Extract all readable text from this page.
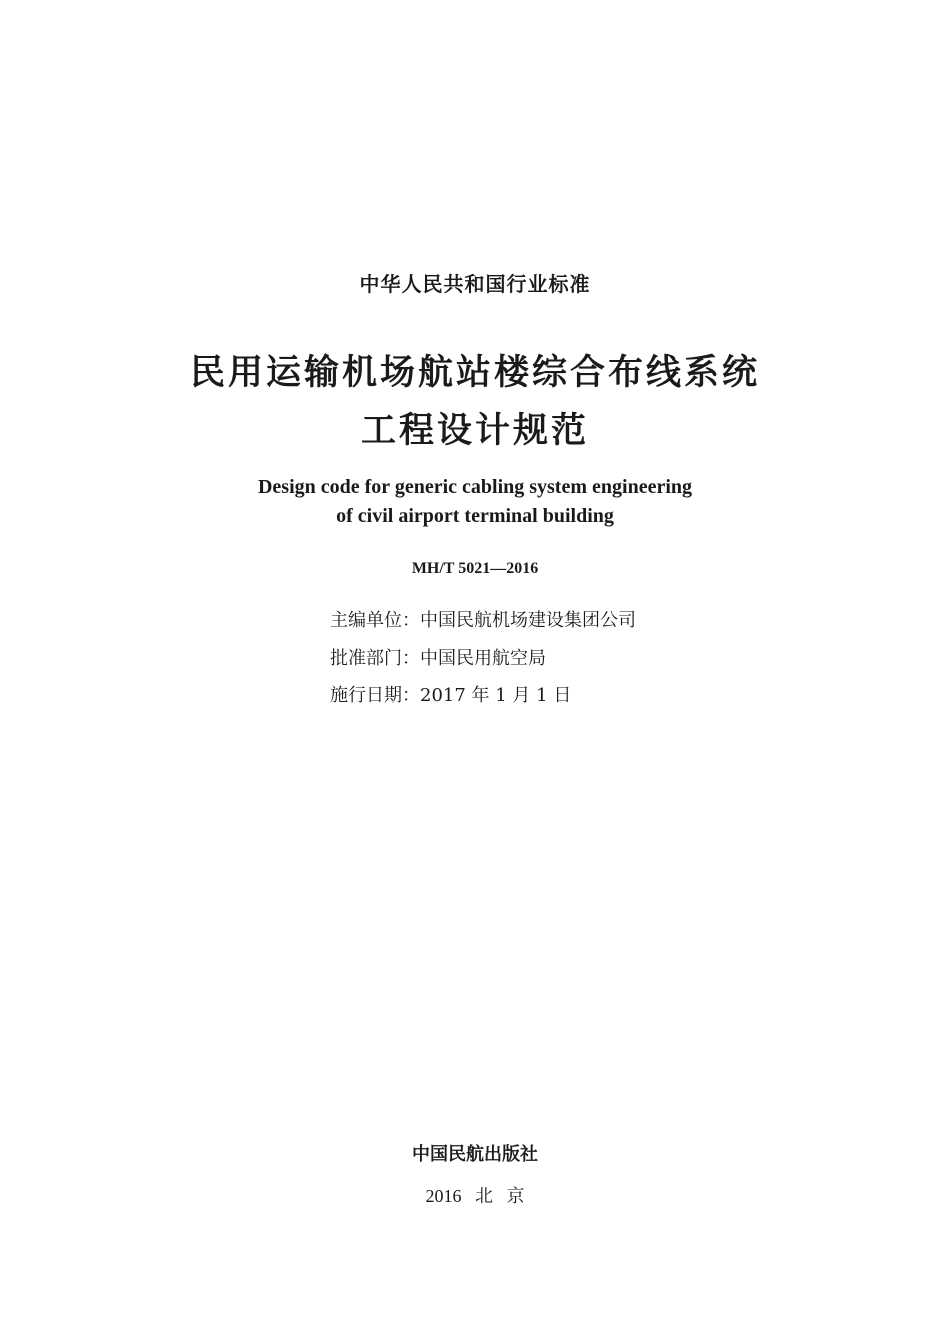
中华人民共和国行业标准
民用运输机场航站楼综合布线系统
工程设计规范
Design code for generic cabling system engineering
of civil airport terminal building
MH/T 5021—2016
主编单位：中国民航机场建设集团公司
批准部门：中国民用航空局
施行日期：2017 年 1 月 1 日
中国民航出版社
2016   北   京
